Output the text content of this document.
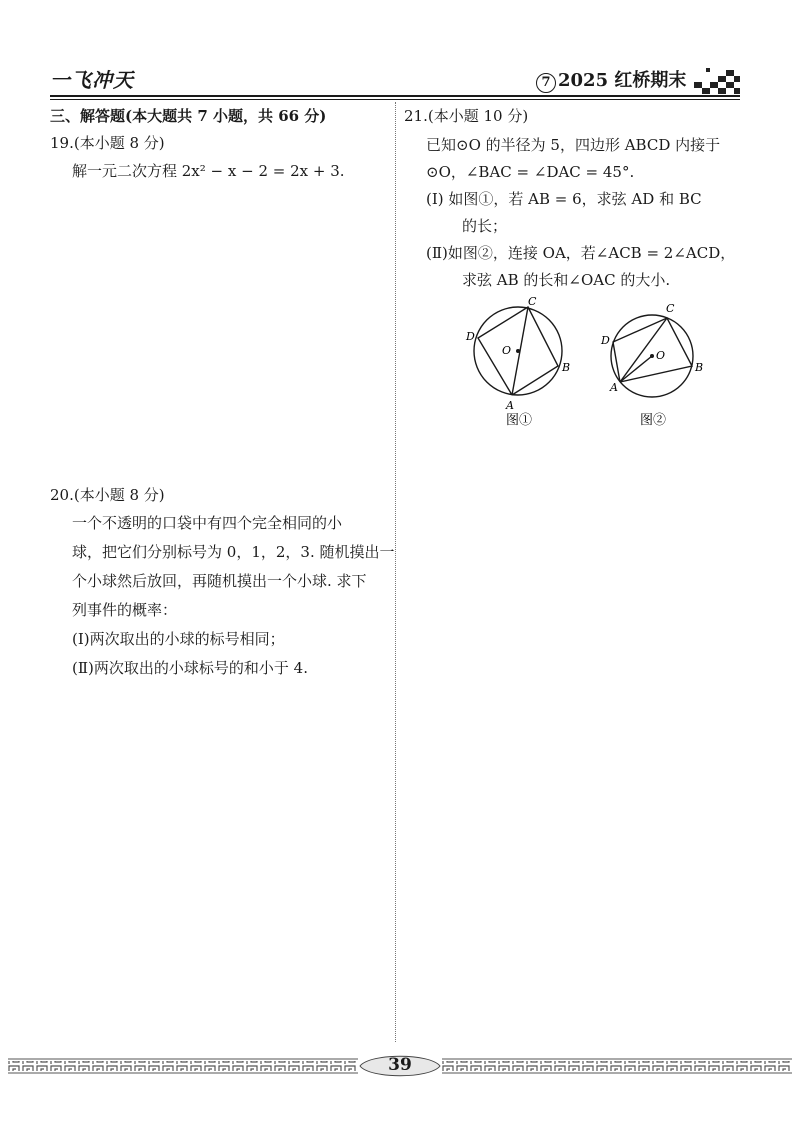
一飞冲天	7 2025 红桥期末
三、解答题(本大题共 7 小题，共 66 分)
19.(本小题 8 分)
解一元二次方程 2x² − x − 2 = 2x + 3.
20.(本小题 8 分)
一个不透明的口袋中有四个完全相同的小
球，把它们分别标号为 0，1，2，3. 随机摸出一
个小球然后放回，再随机摸出一个小球. 求下
列事件的概率：
(Ⅰ)两次取出的小球的标号相同；
(Ⅱ)两次取出的小球标号的和小于 4.
21.(本小题 10 分)
已知⊙O 的半径为 5，四边形 ABCD 内接于
⊙O，∠BAC = ∠DAC = 45°.
(Ⅰ) 如图①，若 AB = 6，求弦 AD 和 BC
的长；
(Ⅱ)如图②，连接 OA，若∠ACB = 2∠ACD，
求弦 AB 的长和∠OAC 的大小.
O
A
B
C
D
图①
O
A
B
C
D
图②
39
